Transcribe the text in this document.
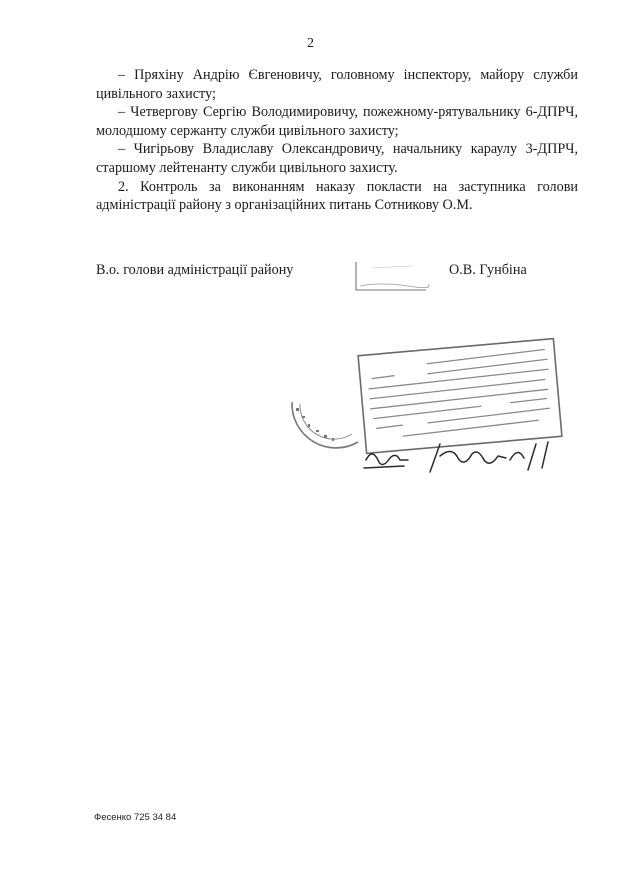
2

– Пряхіну Андрію Євгеновичу, головному інспектору, майору служби цивільного захисту;

– Четвергову Сергію Володимировичу, пожежному-рятувальнику 6-ДПРЧ, молодшому сержанту служби цивільного захисту;

– Чигірьову Владиславу Олександровичу, начальнику караулу 3-ДПРЧ, старшому лейтенанту служби цивільного захисту.

2. Контроль за виконанням наказу покласти на заступника голови адміністрації району з організаційних питань Сотникову О.М.

В.о. голови адміністрації району	О.В. Гунбіна
Фесенко 725 34 84
